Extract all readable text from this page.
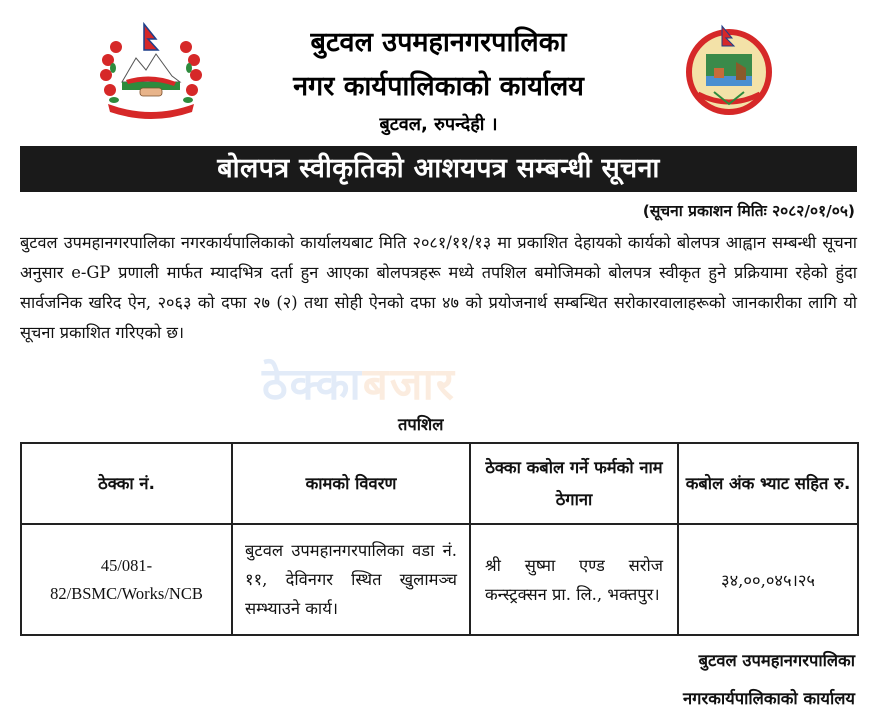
बुटवल उपमहानगरपालिका
नगर कार्यपालिकाको कार्यालय
बुटवल, रुपन्देही ।
बोलपत्र स्वीकृतिको आशयपत्र सम्बन्धी सूचना
(सूचना प्रकाशन मितिः २०८२/०१/०५)
बुटवल उपमहानगरपालिका नगरकार्यपालिकाको कार्यालयबाट मिति २०८१/११/१३ मा प्रकाशित देहायको कार्यको बोलपत्र आह्वान सम्बन्धी सूचना अनुसार e-GP प्रणाली मार्फत म्यादभित्र दर्ता हुन आएका बोलपत्रहरू मध्ये तपशिल बमोजिमको बोलपत्र स्वीकृत हुने प्रक्रियामा रहेको हुंदा सार्वजनिक खरिद ऐन, २०६३ को दफा २७ (२) तथा सोही ऐनको दफा ४७ को प्रयोजनार्थ सम्बन्धित सरोकारवालाहरूको जानकारीका लागि यो सूचना प्रकाशित गरिएको छ।
ठेक्काबजार
तपशिल
ठेक्का नं.	कामको विवरण	ठेक्का कबोल गर्ने फर्मको नाम ठेगाना	कबोल अंक भ्याट सहित रु.
45/081-82/BSMC/Works/NCB	बुटवल उपमहानगरपालिका वडा नं. ११, देविनगर स्थित खुलामञ्च सम्भ्याउने कार्य।	श्री सुष्मा एण्ड सरोज कन्स्ट्रक्सन प्रा. लि., भक्तपुर।	३४,००,०४५।२५
बुटवल उपमहानगरपालिका
नगरकार्यपालिकाको कार्यालय
